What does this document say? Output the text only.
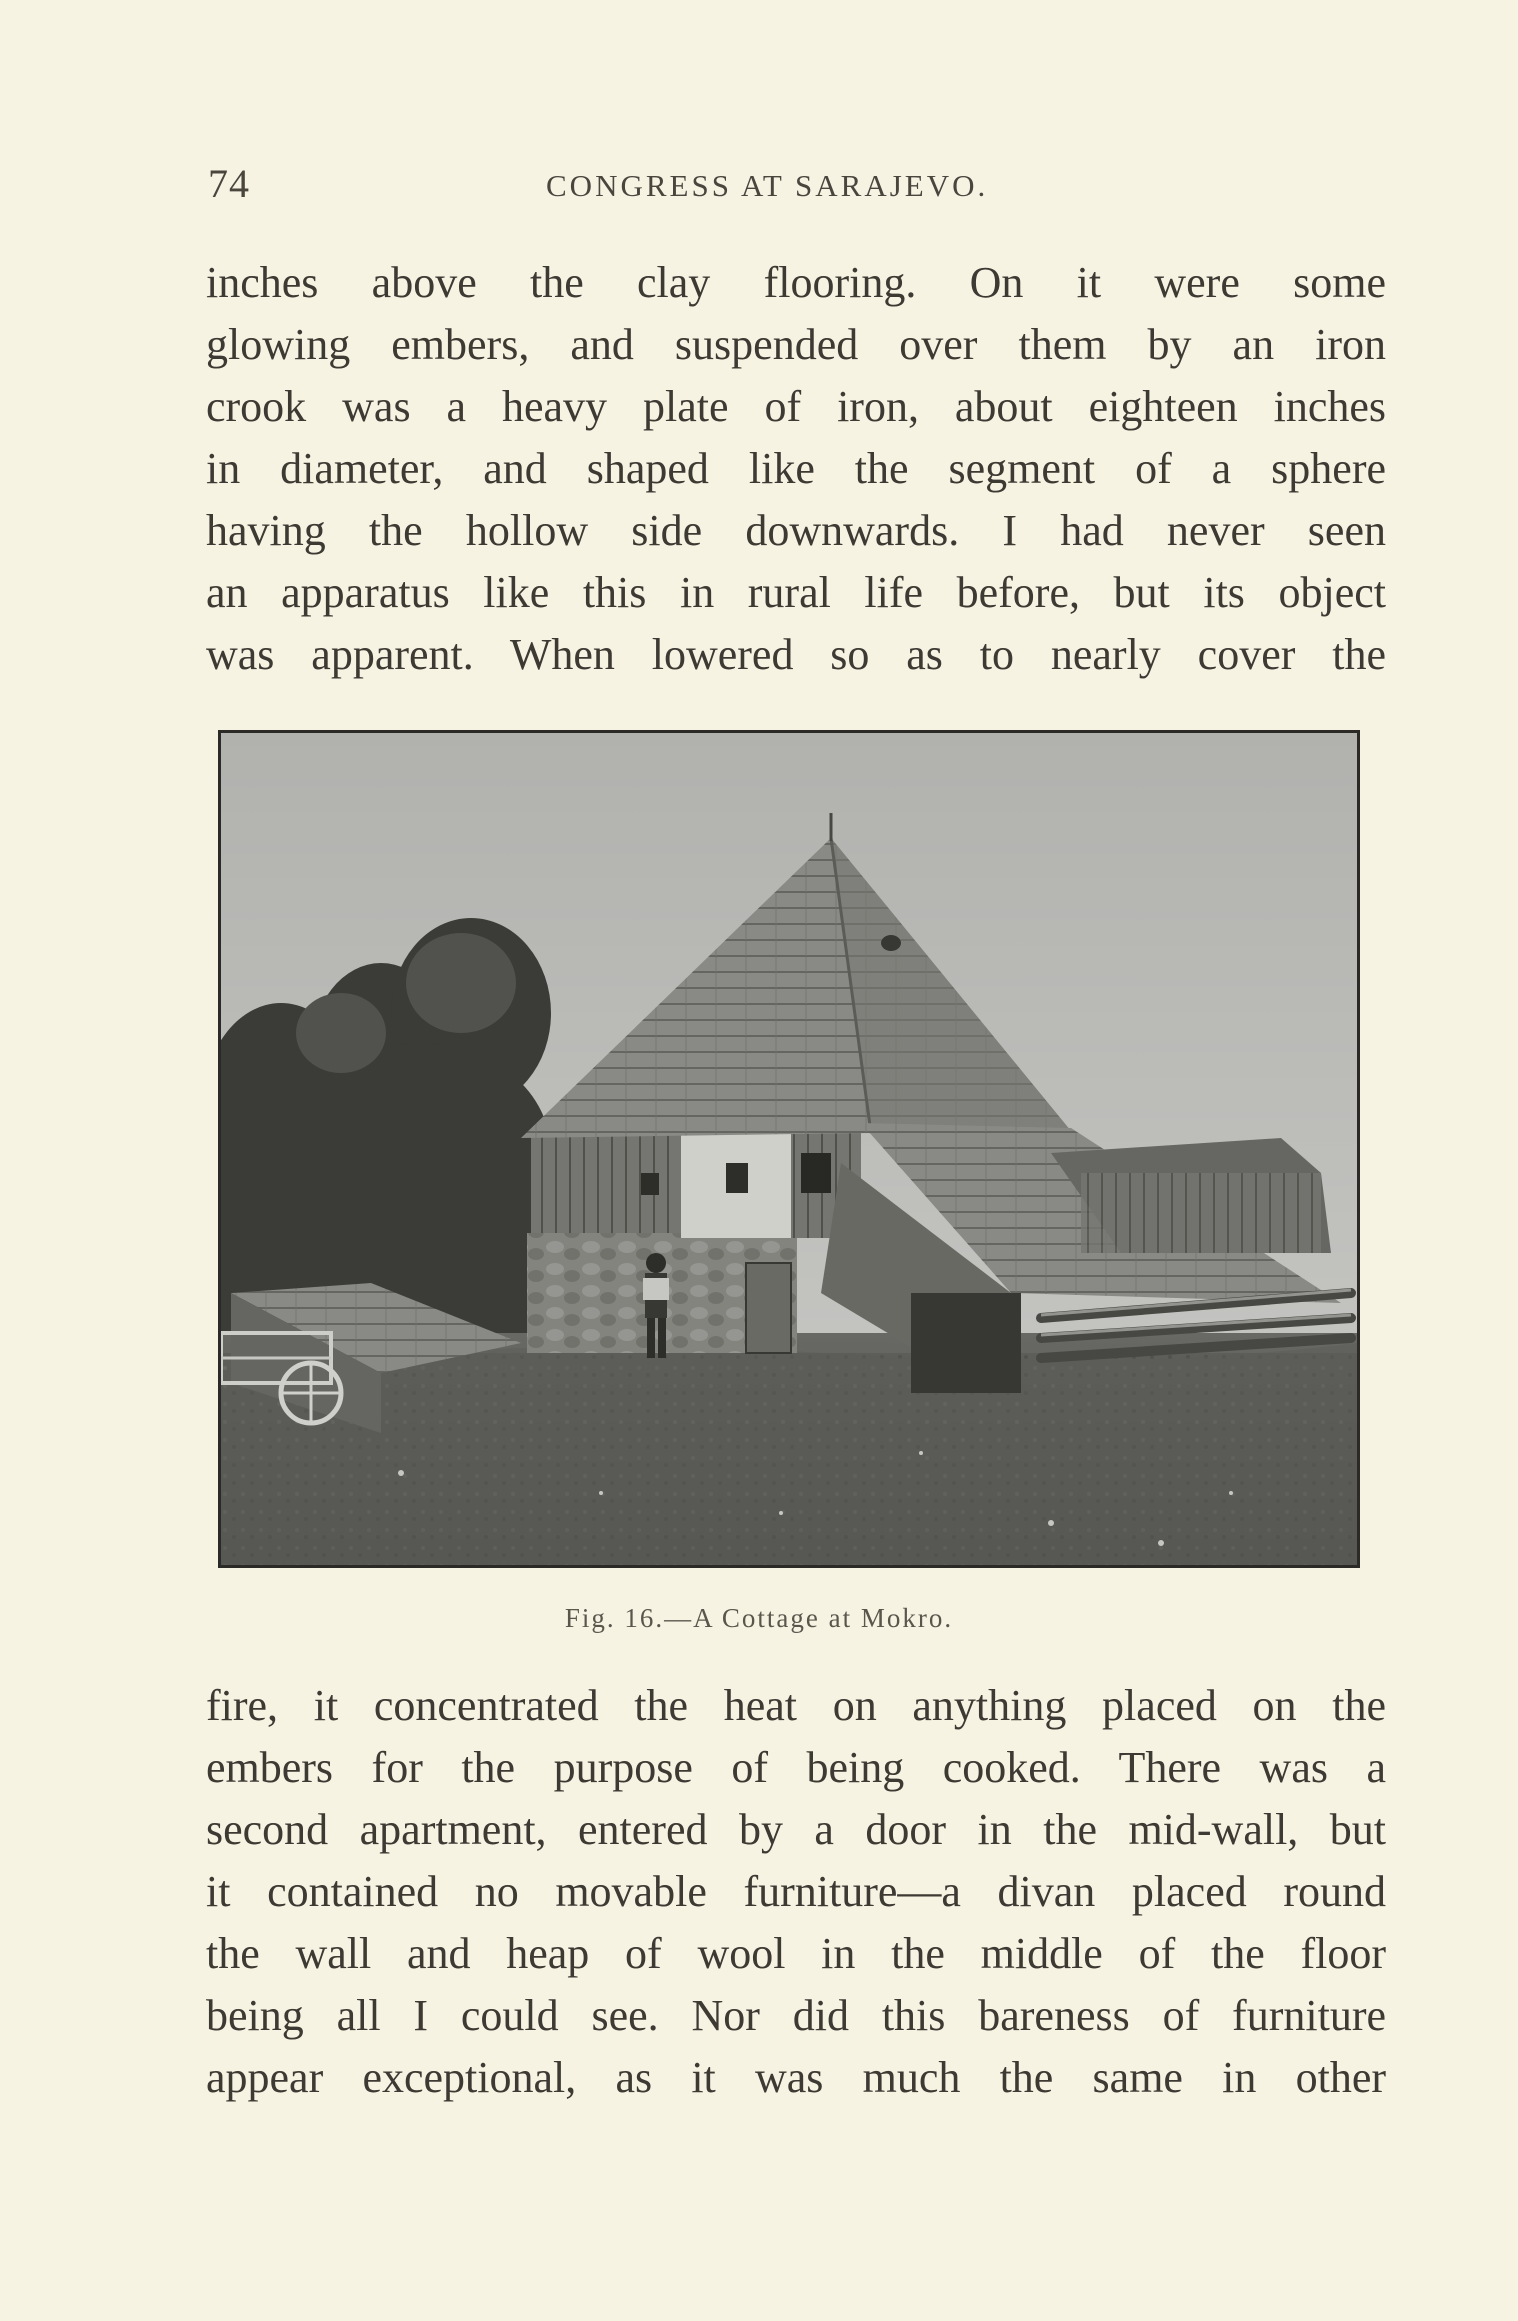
74	CONGRESS AT SARAJEVO.
inches above the clay flooring. On it were some
glowing embers, and suspended over them by an iron
crook was a heavy plate of iron, about eighteen inches
in diameter, and shaped like the segment of a sphere
having the hollow side downwards. I had never seen
an apparatus like this in rural life before, but its object
was apparent. When lowered so as to nearly cover the
Fig. 16.—A Cottage at Mokro.
fire, it concentrated the heat on anything placed on the
embers for the purpose of being cooked. There was a
second apartment, entered by a door in the mid-wall, but
it contained no movable furniture—a divan placed round
the wall and heap of wool in the middle of the floor
being all I could see. Nor did this bareness of furniture
appear exceptional, as it was much the same in other
